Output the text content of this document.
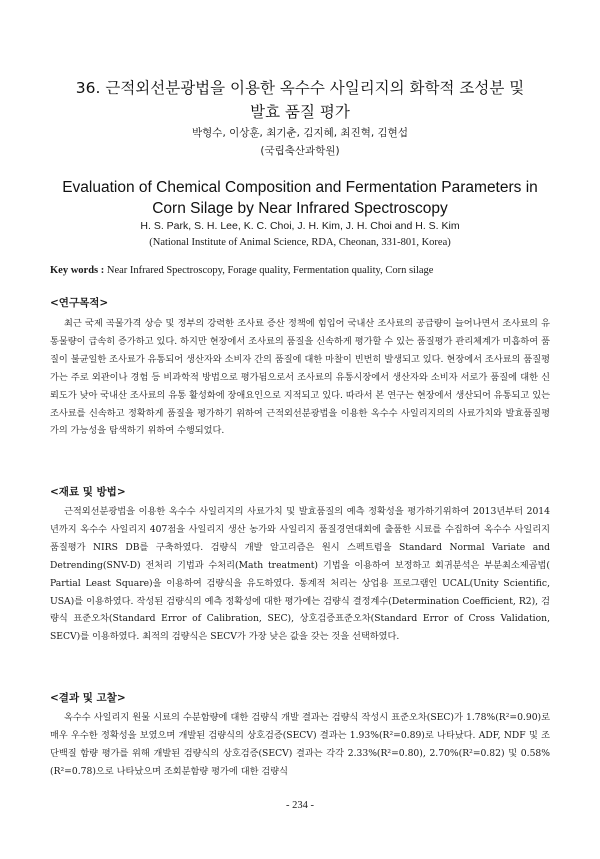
36. 근적외선분광법을 이용한 옥수수 사일리지의 화학적 조성분 및
발효 품질 평가
박형수, 이상훈, 최기춘, 김지혜, 최진혁, 김현섭
(국립축산과학원)
Evaluation of Chemical Composition and Fermentation Parameters in
Corn Silage by Near Infrared Spectroscopy
H. S. Park, S. H. Lee, K. C. Choi, J. H. Kim, J. H. Choi and H. S. Kim
(National Institute of Animal Science, RDA, Cheonan, 331-801, Korea)
Key words : Near Infrared Spectroscopy, Forage quality, Fermentation quality, Corn silage
<연구목적>

최근 국제 곡물가격 상승 및 정부의 강력한 조사료 증산 정책에 힘입어 국내산 조사료의 공급량이 늘어나면서 조사료의 유통물량이 급속히 증가하고 있다. 하지만 현장에서 조사료의 품질을 신속하게 평가할 수 있는 품질평가 관리체계가 미흡하여 품질이 불균일한 조사료가 유통되어 생산자와 소비자 간의 품질에 대한 마찰이 빈번히 발생되고 있다. 현장에서 조사료의 품질평가는 주로 외관이나 경험 등 비과학적 방법으로 평가됨으로서 조사료의 유통시장에서 생산자와 소비자 서로가 품질에 대한 신뢰도가 낮아 국내산 조사료의 유통 활성화에 장애요인으로 지적되고 있다. 따라서 본 연구는 현장에서 생산되어 유통되고 있는 조사료를 신속하고 정확하게 품질을 평가하기 위하여 근적외선분광법을 이용한 옥수수 사일리지의의 사료가치와 발효품질평가의 가능성을 탐색하기 위하여 수행되었다.

<재료 및 방법>

근적외선분광법을 이용한 옥수수 사일리지의 사료가치 및 발효품질의 예측 정확성을 평가하기위하여 2013년부터 2014년까지 옥수수 사일리지 407점을 사일리지 생산 농가와 사일리지 품질경연대회에 출품한 시료를 수집하여 옥수수 사일리지 품질평가 NIRS DB를 구축하였다. 검량식 개발 알고리즘은 원시 스펙트럼을 Standard Normal Variate and Detrending(SNV-D) 전처리 기법과 수처리(Math treatment) 기법을 이용하여 보정하고 회귀분석은 부분최소제곱법( Partial Least Square)을 이용하여 검량식을 유도하였다. 통계적 처리는 상업용 프로그램인 UCAL(Unity Scientific, USA)를 이용하였다. 작성된 검량식의 예측 정확성에 대한 평가에는 검량식 결정계수(Determination Coefficient, R2), 검량식 표준오차(Standard Error of Calibration, SEC), 상호검증표준오차(Standard Error of Cross Validation, SECV)를 이용하였다. 최적의 검량식은 SECV가 가장 낮은 값을 갖는 것을 선택하였다.

<결과 및 고찰>

옥수수 사일리지 원물 시료의 수분함량에 대한 검량식 개발 결과는 검량식 작성시 표준오차(SEC)가 1.78%(R²=0.90)로 매우 우수한 정확성을 보였으며 개발된 검량식의 상호검증(SECV) 결과는 1.93%(R²=0.89)로 나타났다. ADF, NDF 및 조단백질 함량 평가를 위해 개발된 검량식의 상호검증(SECV) 결과는 각각 2.33%(R²=0.80), 2.70%(R²=0.82) 및 0.58%(R²=0.78)으로 나타났으며 조회분함량 평가에 대한 검량식

- 234 -
